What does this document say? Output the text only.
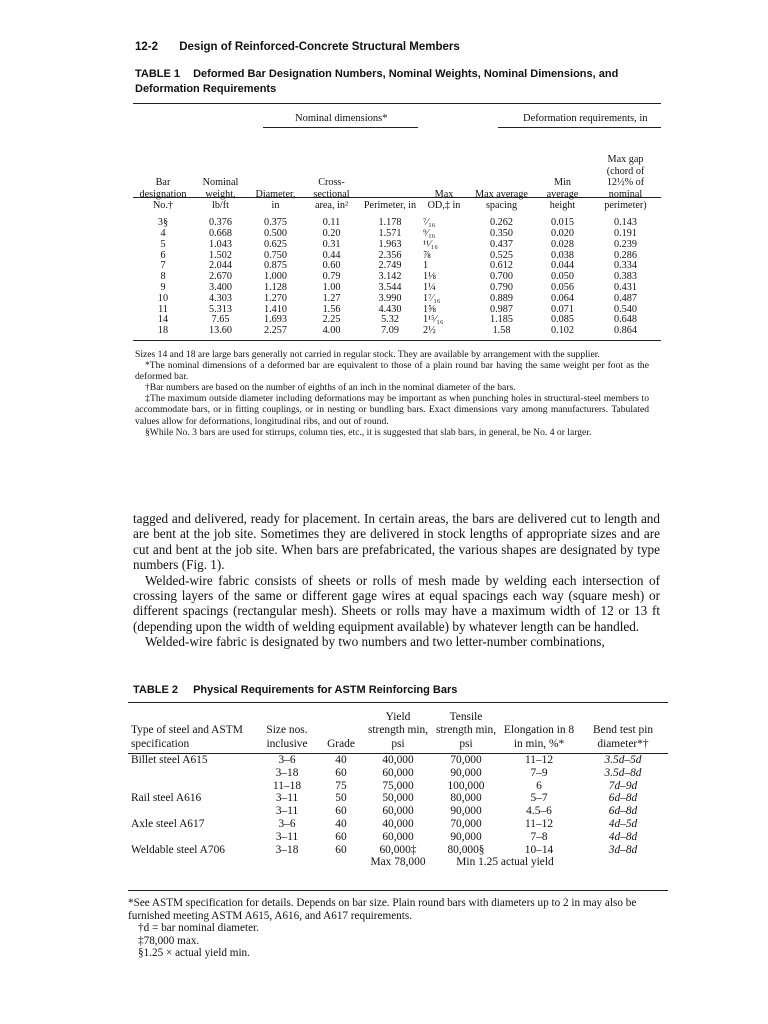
12-2 Design of Reinforced-Concrete Structural Members
TABLE 1 Deformed Bar Designation Numbers, Nominal Weights, Nominal Dimensions, and Deformation Requirements
Nominal dimensions*	Deformation requirements, in
Bar designation No.†	Nominal weight, lb/ft	Diameter, in	Cross-sectional area, in²	Perimeter, in	Max OD,‡ in	Max average spacing	Min average height	Max gap (chord of 12½% of nominal perimeter)
3§	0.376	0.375	0.11	1.178	⁷⁄₁₆	0.262	0.015	0.143
4	0.668	0.500	0.20	1.571	⁹⁄₁₆	0.350	0.020	0.191
5	1.043	0.625	0.31	1.963	¹¹⁄₁₆	0.437	0.028	0.239
6	1.502	0.750	0.44	2.356	⅞	0.525	0.038	0.286
7	2.044	0.875	0.60	2.749	1	0.612	0.044	0.334
8	2.670	1.000	0.79	3.142	1⅛	0.700	0.050	0.383
9	3.400	1.128	1.00	3.544	1¼	0.790	0.056	0.431
10	4.303	1.270	1.27	3.990	1⁷⁄₁₆	0.889	0.064	0.487
11	5.313	1.410	1.56	4.430	1⅝	0.987	0.071	0.540
14	7.65	1.693	2.25	5.32	1¹⁵⁄₁₆	1.185	0.085	0.648
18	13.60	2.257	4.00	7.09	2½	1.58	0.102	0.864

Sizes 14 and 18 are large bars generally not carried in regular stock. They are available by arrangement with the supplier.

*The nominal dimensions of a deformed bar are equivalent to those of a plain round bar having the same weight per foot as the deformed bar.

†Bar numbers are based on the number of eighths of an inch in the nominal diameter of the bars.

‡The maximum outside diameter including deformations may be important as when punching holes in structural-steel members to accommodate bars, or in fitting couplings, or in nesting or bundling bars. Exact dimensions vary among manufacturers. Tabulated values allow for deformations, longitudinal ribs, and out of round.

§While No. 3 bars are used for stirrups, column ties, etc., it is suggested that slab bars, in general, be No. 4 or larger.

tagged and delivered, ready for placement. In certain areas, the bars are delivered cut to length and are bent at the job site. Sometimes they are delivered in stock lengths of appropriate sizes and are cut and bent at the job site. When bars are prefabricated, the various shapes are designated by type numbers (Fig. 1).

Welded-wire fabric consists of sheets or rolls of mesh made by welding each intersection of crossing layers of the same or different gage wires at equal spacings each way (square mesh) or different spacings (rectangular mesh). Sheets or rolls may have a maximum width of 12 or 13 ft (depending upon the width of welding equipment available) by whatever length can be handled.

Welded-wire fabric is designated by two numbers and two letter-number combinations,

TABLE 2 Physical Requirements for ASTM Reinforcing Bars
Type of steel and ASTM specification	Size nos. inclusive	Grade	Yield strength min, psi	Tensile strength min, psi	Elongation in 8 in min, %*	Bend test pin diameter*†
Billet steel A615	3–6	40	40,000	70,000	11–12	3.5d–5d
	3–18	60	60,000	90,000	7–9	3.5d–8d
	11–18	75	75,000	100,000	6	7d–9d
Rail steel A616	3–11	50	50,000	80,000	5–7	6d–8d
	3–11	60	60,000	90,000	4.5–6	6d–8d
Axle steel A617	3–6	40	40,000	70,000	11–12	4d–5d
	3–11	60	60,000	90,000	7–8	4d–8d
Weldable steel A706	3–18	60	60,000‡	80,000§	10–14	3d–8d
			Max 78,000	Min 1.25 actual yield		

*See ASTM specification for details. Depends on bar size. Plain round bars with diameters up to 2 in may also be furnished meeting ASTM A615, A616, and A617 requirements.

†d = bar nominal diameter.

‡78,000 max.

§1.25 × actual yield min.
